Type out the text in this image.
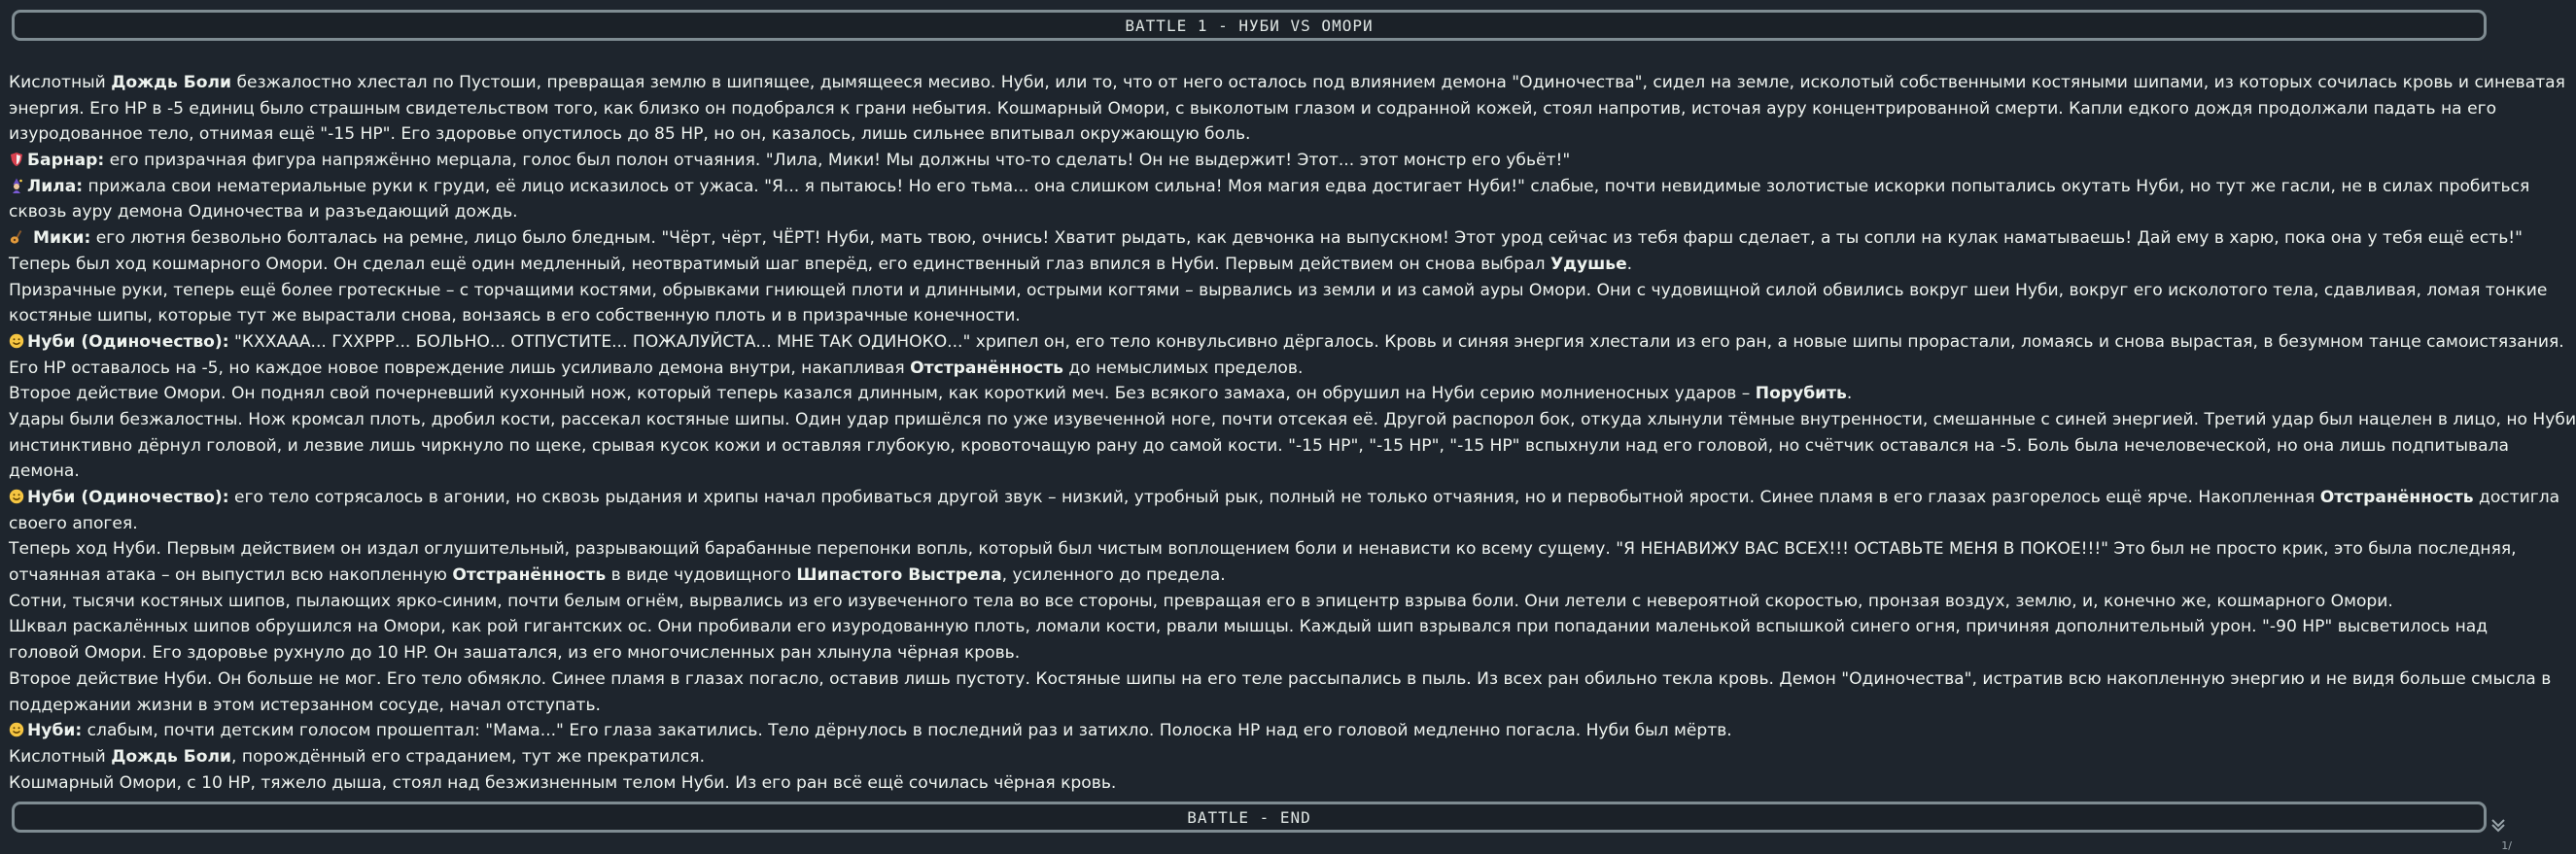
BATTLE 1 - НУБИ VS ОМОРИ
Кислотный Дождь Боли безжалостно хлестал по Пустоши, превращая землю в шипящее, дымящееся месиво. Нуби, или то, что от него осталось под влиянием демона "Одиночества", сидел на земле, исколотый собственными костяными шипами, из которых сочилась кровь и синеватая
энергия. Его HP в -5 единиц было страшным свидетельством того, как близко он подобрался к грани небытия. Кошмарный Омори, с выколотым глазом и содранной кожей, стоял напротив, источая ауру концентрированной смерти. Капли едкого дождя продолжали падать на его
изуродованное тело, отнимая ещё "-15 HP". Его здоровье опустилось до 85 HP, но он, казалось, лишь сильнее впитывал окружающую боль.
Барнар: его призрачная фигура напряжённо мерцала, голос был полон отчаяния. "Лила, Мики! Мы должны что-то сделать! Он не выдержит! Этот... этот монстр его убьёт!"
Лила: прижала свои нематериальные руки к груди, её лицо исказилось от ужаса. "Я... я пытаюсь! Но его тьма... она слишком сильна! Моя магия едва достигает Нуби!" слабые, почти невидимые золотистые искорки попытались окутать Нуби, но тут же гасли, не в силах пробиться
сквозь ауру демона Одиночества и разъедающий дождь.
Мики: его лютня безвольно болталась на ремне, лицо было бледным. "Чёрт, чёрт, ЧЁРТ! Нуби, мать твою, очнись! Хватит рыдать, как девчонка на выпускном! Этот урод сейчас из тебя фарш сделает, а ты сопли на кулак наматываешь! Дай ему в харю, пока она у тебя ещё есть!"
Теперь был ход кошмарного Омори. Он сделал ещё один медленный, неотвратимый шаг вперёд, его единственный глаз впился в Нуби. Первым действием он снова выбрал Удушье.
Призрачные руки, теперь ещё более гротескные – с торчащими костями, обрывками гниющей плоти и длинными, острыми когтями – вырвались из земли и из самой ауры Омори. Они с чудовищной силой обвились вокруг шеи Нуби, вокруг его исколотого тела, сдавливая, ломая тонкие
костяные шипы, которые тут же вырастали снова, вонзаясь в его собственную плоть и в призрачные конечности.
Нуби (Одиночество): "КХХААА... ГХХРРР... БОЛЬНО... ОТПУСТИТЕ... ПОЖАЛУЙСТА... МНЕ ТАК ОДИНОКО..." хрипел он, его тело конвульсивно дёргалось. Кровь и синяя энергия хлестали из его ран, а новые шипы прорастали, ломаясь и снова вырастая, в безумном танце самоистязания.
Его HP оставалось на -5, но каждое новое повреждение лишь усиливало демона внутри, накапливая Отстранённость до немыслимых пределов.
Второе действие Омори. Он поднял свой почерневший кухонный нож, который теперь казался длинным, как короткий меч. Без всякого замаха, он обрушил на Нуби серию молниеносных ударов – Порубить.
Удары были безжалостны. Нож кромсал плоть, дробил кости, рассекал костяные шипы. Один удар пришёлся по уже изувеченной ноге, почти отсекая её. Другой распорол бок, откуда хлынули тёмные внутренности, смешанные с синей энергией. Третий удар был нацелен в лицо, но Нуби
инстинктивно дёрнул головой, и лезвие лишь чиркнуло по щеке, срывая кусок кожи и оставляя глубокую, кровоточащую рану до самой кости. "-15 HP", "-15 HP", "-15 HP" вспыхнули над его головой, но счётчик оставался на -5. Боль была нечеловеческой, но она лишь подпитывала
демона.
Нуби (Одиночество): его тело сотрясалось в агонии, но сквозь рыдания и хрипы начал пробиваться другой звук – низкий, утробный рык, полный не только отчаяния, но и первобытной ярости. Синее пламя в его глазах разгорелось ещё ярче. Накопленная Отстранённость достигла
своего апогея.
Теперь ход Нуби. Первым действием он издал оглушительный, разрывающий барабанные перепонки вопль, который был чистым воплощением боли и ненависти ко всему сущему. "Я НЕНАВИЖУ ВАС ВСЕХ!!! ОСТАВЬТЕ МЕНЯ В ПОКОЕ!!!" Это был не просто крик, это была последняя,
отчаянная атака – он выпустил всю накопленную Отстранённость в виде чудовищного Шипастого Выстрела, усиленного до предела.
Сотни, тысячи костяных шипов, пылающих ярко-синим, почти белым огнём, вырвались из его изувеченного тела во все стороны, превращая его в эпицентр взрыва боли. Они летели с невероятной скоростью, пронзая воздух, землю, и, конечно же, кошмарного Омори.
Шквал раскалённых шипов обрушился на Омори, как рой гигантских ос. Они пробивали его изуродованную плоть, ломали кости, рвали мышцы. Каждый шип взрывался при попадании маленькой вспышкой синего огня, причиняя дополнительный урон. "-90 HP" высветилось над
головой Омори. Его здоровье рухнуло до 10 HP. Он зашатался, из его многочисленных ран хлынула чёрная кровь.
Второе действие Нуби. Он больше не мог. Его тело обмякло. Синее пламя в глазах погасло, оставив лишь пустоту. Костяные шипы на его теле рассыпались в пыль. Из всех ран обильно текла кровь. Демон "Одиночества", истратив всю накопленную энергию и не видя больше смысла в
поддержании жизни в этом истерзанном сосуде, начал отступать.
Нуби: слабым, почти детским голосом прошептал: "Мама..." Его глаза закатились. Тело дёрнулось в последний раз и затихло. Полоска HP над его головой медленно погасла. Нуби был мёртв.
Кислотный Дождь Боли, порождённый его страданием, тут же прекратился.
Кошмарный Омори, с 10 HP, тяжело дыша, стоял над безжизненным телом Нуби. Из его ран всё ещё сочилась чёрная кровь.
BATTLE - END
1/
